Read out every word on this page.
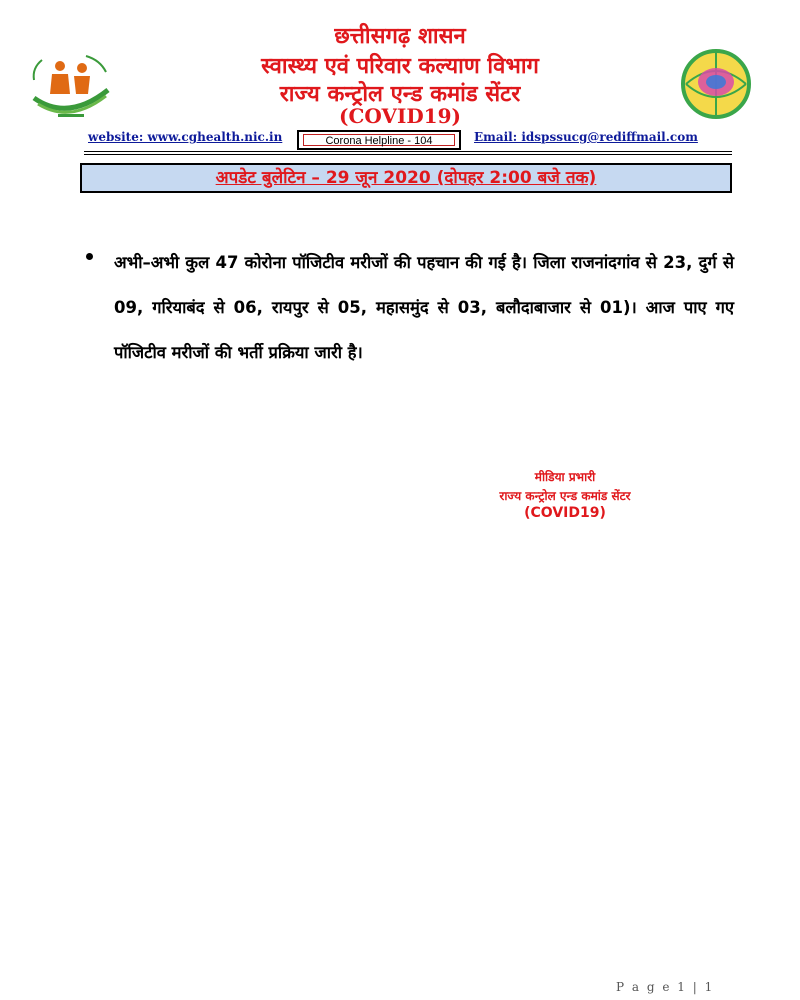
छत्तीसगढ़ शासन
स्वास्थ्य एवं परिवार कल्याण विभाग
राज्य कन्ट्रोल एन्ड कमांड सेंटर
(COVID19)
website: www.cghealth.nic.in	Corona Helpline - 104	Email: idspssucg@rediffmail.com
अपडेट बुलेटिन – 29 जून 2020 (दोपहर 2:00 बजे तक)

अभी–अभी कुल 47 कोरोना पॉजिटीव मरीजों की पहचान की गई है। जिला राजनांदगांव से 23, दुर्ग से 09, गरियाबंद से 06, रायपुर से 05, महासमुंद से 03, बलौदाबाजार से 01)। आज पाए गए पॉजिटीव मरीजों की भर्ती प्रक्रिया जारी है।

मीडिया प्रभारी
राज्य कन्ट्रोल एन्ड कमांड सेंटर
(COVID19)
P a g e 1 | 1
